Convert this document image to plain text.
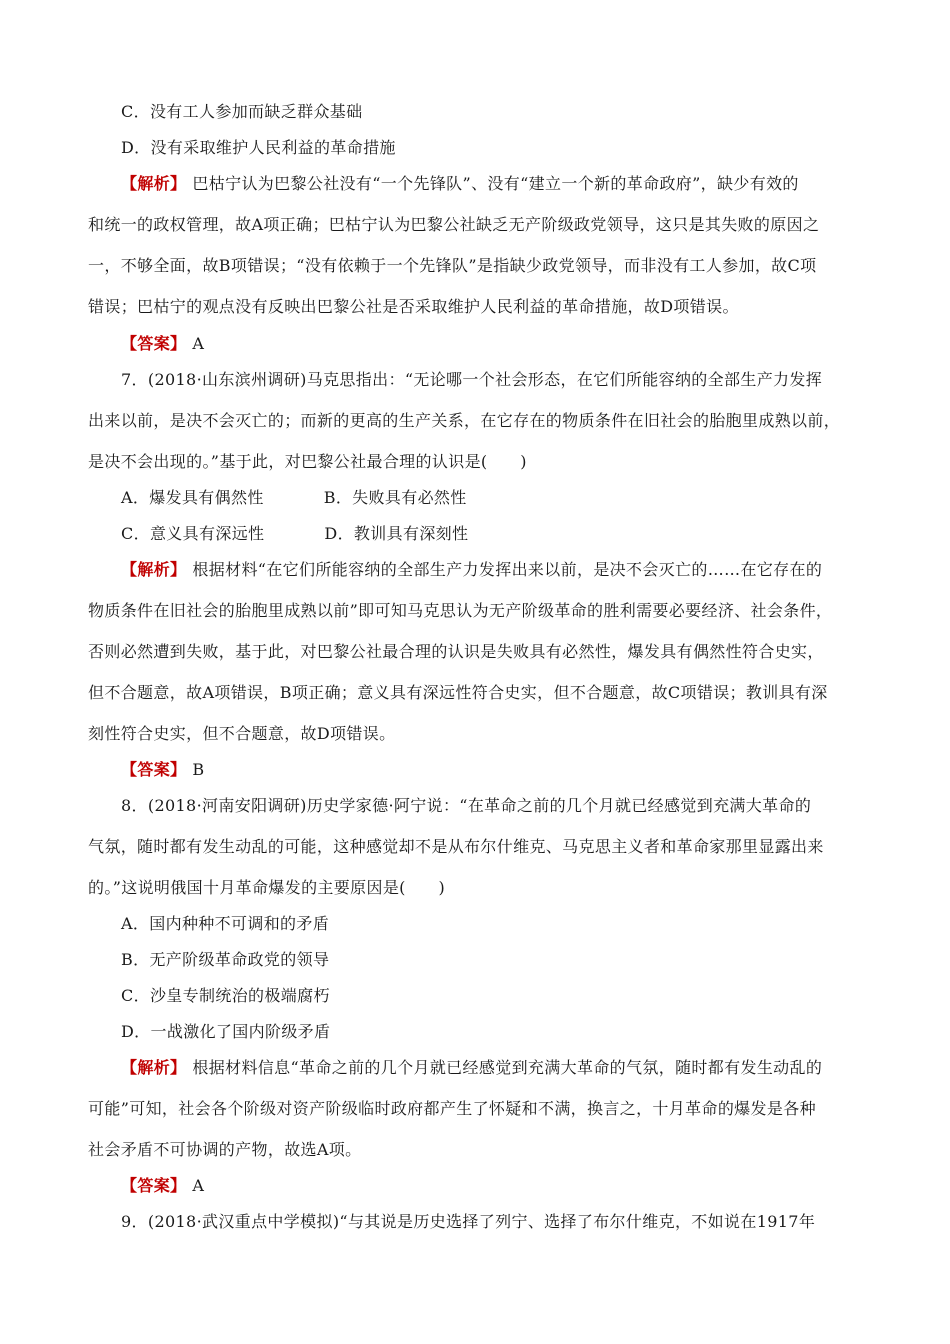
C．没有工人参加而缺乏群众基础
D．没有采取维护人民利益的革命措施
【解析】 巴枯宁认为巴黎公社没有“一个先锋队”、没有“建立一个新的革命政府”，缺少有效的
和统一的政权管理，故A项正确；巴枯宁认为巴黎公社缺乏无产阶级政党领导，这只是其失败的原因之
一，不够全面，故B项错误；“没有依赖于一个先锋队”是指缺少政党领导，而非没有工人参加，故C项
错误；巴枯宁的观点没有反映出巴黎公社是否采取维护人民利益的革命措施，故D项错误。
【答案】 A
7．(2018·山东滨州调研)马克思指出：“无论哪一个社会形态，在它们所能容纳的全部生产力发挥
出来以前，是决不会灭亡的；而新的更高的生产关系，在它存在的物质条件在旧社会的胎胞里成熟以前，
是决不会出现的。”基于此，对巴黎公社最合理的认识是(　　)
A．爆发具有偶然性	B．失败具有必然性
C．意义具有深远性	D．教训具有深刻性
【解析】 根据材料“在它们所能容纳的全部生产力发挥出来以前，是决不会灭亡的……在它存在的
物质条件在旧社会的胎胞里成熟以前”即可知马克思认为无产阶级革命的胜利需要必要经济、社会条件，
否则必然遭到失败，基于此，对巴黎公社最合理的认识是失败具有必然性，爆发具有偶然性符合史实，
但不合题意，故A项错误，B项正确；意义具有深远性符合史实，但不合题意，故C项错误；教训具有深
刻性符合史实，但不合题意，故D项错误。
【答案】 B
8．(2018·河南安阳调研)历史学家德·阿宁说：“在革命之前的几个月就已经感觉到充满大革命的
气氛，随时都有发生动乱的可能，这种感觉却不是从布尔什维克、马克思主义者和革命家那里显露出来
的。”这说明俄国十月革命爆发的主要原因是(　　)
A．国内种种不可调和的矛盾
B．无产阶级革命政党的领导
C．沙皇专制统治的极端腐朽
D．一战激化了国内阶级矛盾
【解析】 根据材料信息“革命之前的几个月就已经感觉到充满大革命的气氛，随时都有发生动乱的
可能”可知，社会各个阶级对资产阶级临时政府都产生了怀疑和不满，换言之，十月革命的爆发是各种
社会矛盾不可协调的产物，故选A项。
【答案】 A
9．(2018·武汉重点中学模拟)“与其说是历史选择了列宁、选择了布尔什维克，不如说在1917年
